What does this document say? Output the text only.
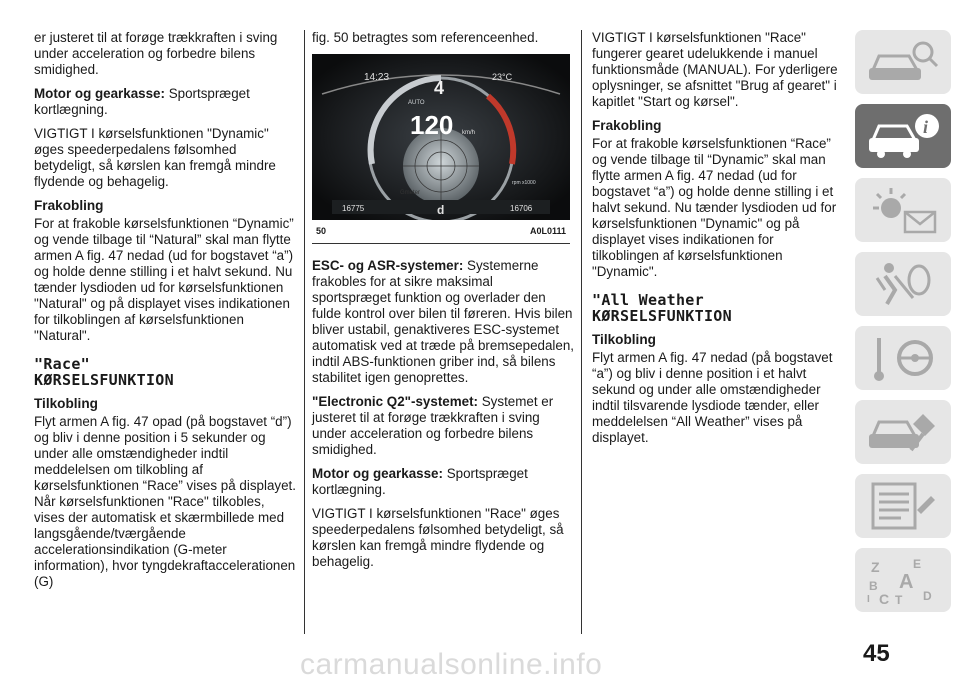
er justeret til at forøge trækkraften i sving under acceleration og forbedre bilens smidighed.

Motor og gearkasse: Sportspræget kortlægning.

VIGTIGT I kørselsfunktionen "Dynamic" øges speederpedalens følsomhed betydeligt, så kørslen kan fremgå mindre flydende og behagelig.

Frakobling

For at frakoble kørselsfunktionen “Dynamic” og vende tilbage til “Natural” skal man flytte armen A fig. 47 nedad (ud for bogstavet “a”) og holde denne stilling i et halvt sekund. Nu tænder lysdioden ud for kørselsfunktionen "Natural" og på displayet vises indikationen for tilkoblingen af kørselsfunktionen "Natural".

"Race"
KØRSELSFUNKTION
Tilkobling

Flyt armen A fig. 47 opad (på bogstavet “d”) og bliv i denne position i 5 sekunder og under alle omstændigheder indtil meddelelsen om tilkobling af kørselsfunktionen “Race” vises på displayet. Når kørselsfunktionen "Race" tilkobles, vises der automatisk et skærmbillede med langsgående/tværgående accelerationsindikation (G-meter information), hvor tyngdekraftaccelerationen (G)

fig. 50 betragtes som referenceenhed.

14:23	23°C
4
AUTO
120 km/h
Gmeter
rpm x1000
16775	d	16706
50	A0L0111

ESC- og ASR-systemer: Systemerne frakobles for at sikre maksimal sportspræget funktion og overlader den fulde kontrol over bilen til føreren. Hvis bilen bliver ustabil, genaktiveres ESC-systemet automatisk ved at træde på bremsepedalen, indtil ABS-funktionen griber ind, så bilens stabilitet igen genoprettes.

"Electronic Q2"-systemet: Systemet er justeret til at forøge trækkraften i sving under acceleration og forbedre bilens smidighed.

Motor og gearkasse: Sportspræget kortlægning.

VIGTIGT I kørselsfunktionen "Race" øges speederpedalens følsomhed betydeligt, så kørslen kan fremgå mindre flydende og behagelig.

VIGTIGT I kørselsfunktionen "Race" fungerer gearet udelukkende i manuel funktionsmåde (MANUAL). For yderligere oplysninger, se afsnittet "Brug af gearet" i kapitlet "Start og kørsel".

Frakobling

For at frakoble kørselsfunktionen “Race” og vende tilbage til “Dynamic” skal man flytte armen A fig. 47 nedad (ud for bogstavet “a”) og holde denne stilling i et halvt sekund. Nu tænder lysdioden ud for kørselsfunktionen "Dynamic" og på displayet vises indikationen for tilkoblingen af kørselsfunktionen "Dynamic".

"All Weather
KØRSELSFUNKTION
Tilkobling

Flyt armen A fig. 47 nedad (på bogstavet “a”) og bliv i denne position i et halvt sekund og under alle omstændigheder indtil tilsvarende lysdiode tænder, eller meddelelsen “All Weather” vises på displayet.

i
Z	E
A
B
C T D
I
45
carmanualsonline.info
